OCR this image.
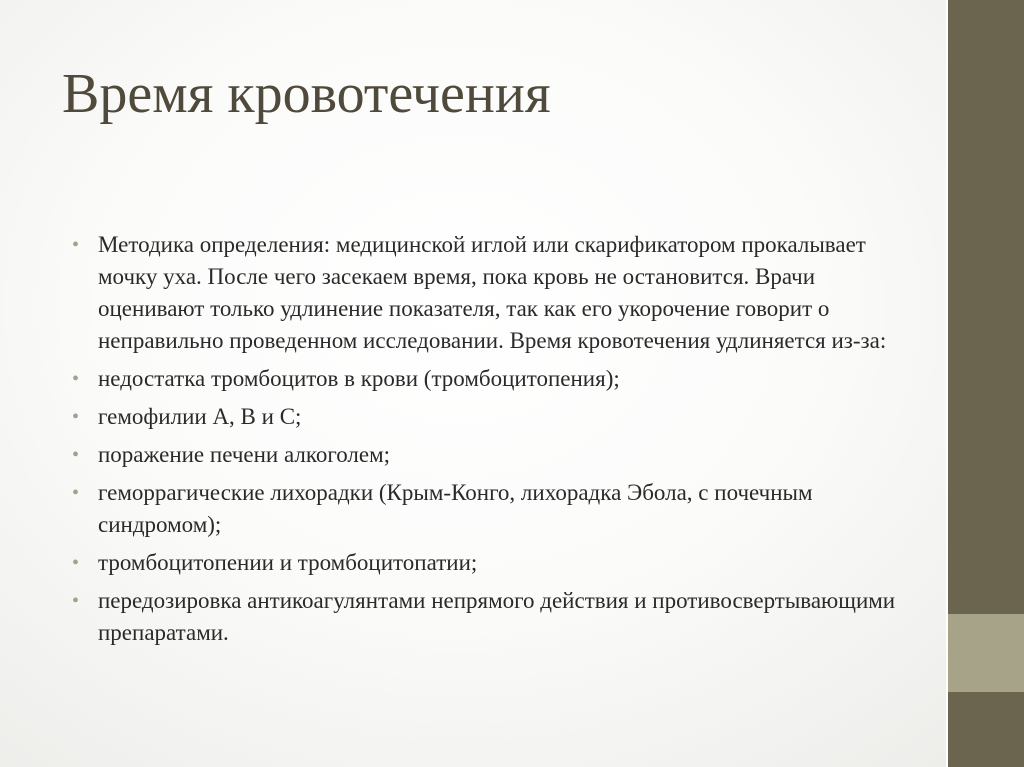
Время кровотечения
• Методика определения: медицинской иглой или скарификатором прокалывает мочку уха. После чего засекаем время, пока кровь не остановится. Врачи оценивают только удлинение показателя, так как его укорочение говорит о неправильно проведенном исследовании. Время кровотечения удлиняется из-за:
• недостатка тромбоцитов в крови (тромбоцитопения);
• гемофилии A, B и C;
• поражение печени алкоголем;
• геморрагические лихорадки (Крым-Конго, лихорадка Эбола, с почечным синдромом);
• тромбоцитопении и тромбоцитопатии;
• передозировка антикоагулянтами непрямого действия и противосвертывающими препаратами.
